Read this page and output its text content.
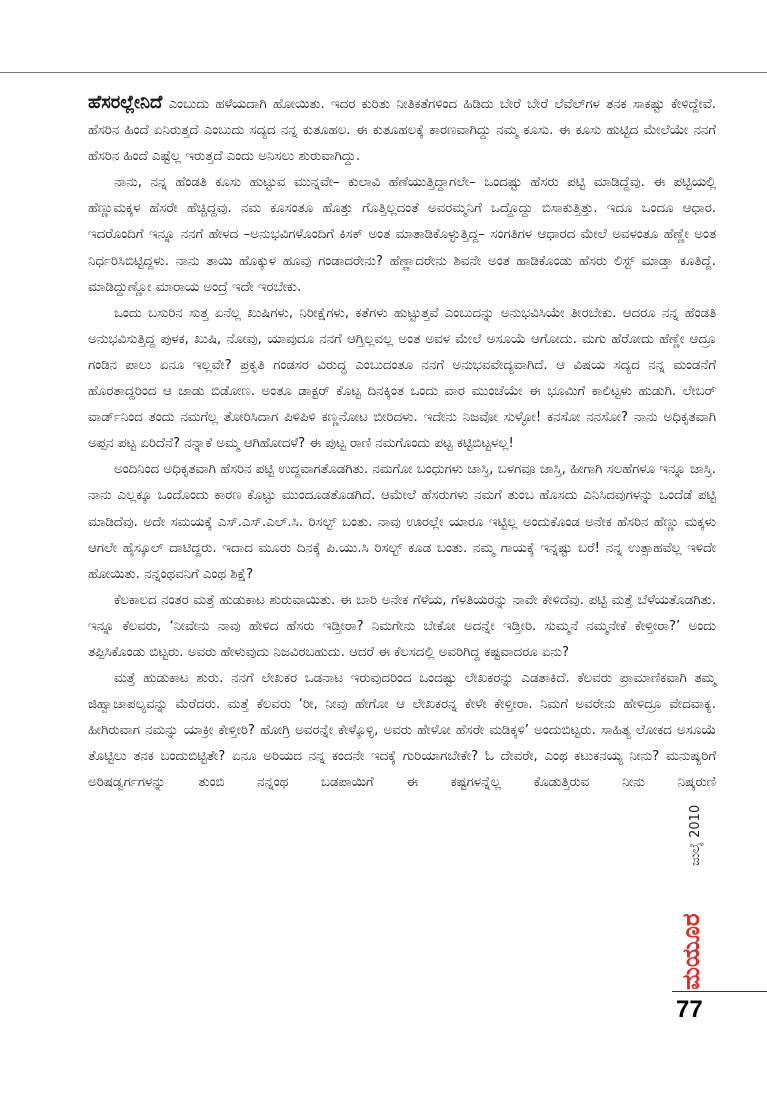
ಹೆಸರಲ್ಲೇನಿದೆ ಎಂಬುದು ಹಳೆಯದಾಗಿ ಹೋಯಿತು. ಇದರ ಕುರಿತು ನೀತಿಕತೆಗಳಿಂದ ಹಿಡಿದು ಬೇರೆ ಬೇರೆ ಲೆವೆಲ್‌ಗಳ ತನಕ ಸಾಕಷ್ಟು ಕೇಳಿದ್ದೇವೆ. ಹೆಸರಿನ ಹಿಂದೆ ಏನಿರುತ್ತದೆ ಎಂಬುದು ಸದ್ಯದ ನನ್ನ ಕುತೂಹಲ. ಈ ಕುತೂಹಲಕ್ಕೆ ಕಾರಣವಾಗಿದ್ದು ನಮ್ಮ ಕೂಸು. ಈ ಕೂಸು ಹುಟ್ಟಿದ ಮೇಲೆಯೇ ನನಗೆ ಹೆಸರಿನ ಹಿಂದೆ ಎಷ್ಟೆಲ್ಲ ಇರುತ್ತದೆ ಎಂದು ಅನಿಸಲು ಶುರುವಾಗಿದ್ದು.

ನಾನು, ನನ್ನ ಹೆಂಡತಿ ಕೂಸು ಹುಟ್ಟುವ ಮುನ್ನವೇ– ಕುಲಾವಿ ಹೆಣೆಯುತ್ತಿದ್ದಾಗಲೇ– ಒಂದಷ್ಟು ಹೆಸರು ಪಟ್ಟಿ ಮಾಡಿದ್ದೆವು. ಈ ಪಟ್ಟಿಯಲ್ಲಿ ಹೆಣ್ಣುಮಕ್ಕಳ ಹೆಸರೇ ಹೆಚ್ಚಿದ್ದವು. ನಮ ಕೂಸಂತೂ ಹೊತ್ತು ಗೊತ್ತಿಲ್ಲದಂತೆ ಅವರಮ್ಮನಿಗೆ ಒದ್ದೊದ್ದು ಬಿಸಾಕುತ್ತಿತ್ತು. ಇದೂ ಒಂದೂ ಆಧಾರ. ಇದರೊಂದಿಗೆ ಇನ್ನೂ ನನಗೆ ಹೇಳದ –ಅನುಭವಿಗಳೊಂದಿಗೆ ಕಿಸಕ್ ಅಂತ ಮಾತಾಡಿಕೊಳ್ಳುತ್ತಿದ್ದ– ಸಂಗತಿಗಳ ಆಧಾರದ ಮೇಲೆ ಅವಳಂತೂ ಹೆಣ್ಣೇ ಅಂತ ನಿರ್ಧರಿಸಿಬಿಟ್ಟಿದ್ದಳು. ನಾನು ತಾಯಿ ಹೊಕ್ಕುಳ ಹೂವು ಗಂಡಾದರೇನು? ಹೆಣ್ಣಾದರೇನು ಶಿವನೇ ಅಂತ ಹಾಡಿಕೊಂಡು ಹೆಸರು ಲಿಸ್ಟ್ ಮಾಡ್ತಾ ಕೂತಿದ್ದೆ. ಮಾಡಿದ್ದುಣ್ಣೋ ಮಾರಾಯ ಅಂದ್ರೆ ಇದೇ ಇರಬೇಕು.

ಒಂದು ಬಸುರಿನ ಸುತ್ತ ಏನೆಲ್ಲ ಖುಷಿಗಳು, ನಿರೀಕ್ಷೆಗಳು, ಕತೆಗಳು ಹುಟ್ಟುತ್ತವೆ ಎಂಬುದನ್ನು ಅನುಭವಿಸಿಯೇ ತೀರಬೇಕು. ಆದರೂ ನನ್ನ ಹೆಂಡತಿ ಅನುಭವಿಸುತ್ತಿದ್ದ ಪುಳಕ, ಖುಷಿ, ನೋವು, ಯಾವುದೂ ನನಗೆ ಆಗ್ತಿಲ್ಲವಲ್ಲ ಅಂತ ಅವಳ ಮೇಲೆ ಅಸೂಯೆ ಆಗೋದು. ಮಗು ಹೆರೋದು ಹೆಣ್ಣೇ ಆದ್ರೂ ಗಂಡಿನ ಪಾಲು ಏನೂ ಇಲ್ಲವೇ? ಪ್ರಕೃತಿ ಗಂಡಸರ ವಿರುದ್ಧ ಎಂಬುದಂತೂ ನನಗೆ ಅನುಭವವೇದ್ಯವಾಗಿದೆ. ಆ ವಿಷಯ ಸದ್ಯದ ನನ್ನ ಮಂಡನೆಗೆ ಹೊರತಾದ್ದರಿಂದ ಆ ಜಾಡು ಬಿಡೋಣ. ಅಂತೂ ಡಾಕ್ಟರ್ ಕೊಟ್ಟ ದಿನಕ್ಕಿಂತ ಒಂದು ವಾರ ಮುಂಚೆಯೇ ಈ ಭೂಮಿಗೆ ಕಾಲಿಟ್ಟಳು ಹುಡುಗಿ. ಲೇಬರ್ ವಾರ್ಡ್‌ನಿಂದ ತಂದು ನಮಗೆಲ್ಲ ತೋರಿಸಿದಾಗ ಪಿಳಿಪಿಳಿ ಕಣ್ಣನೋಟ ಬೀರಿದಳು. ಇದೇನು ನಿಜವೋ ಸುಳ್ಳೋ! ಕನಸೋ ನನಸೋ? ನಾನು ಅಧಿಕೃತವಾಗಿ ಅಪ್ಪನ ಪಟ್ಟ ಏರಿದೆನೆ? ನನ್ನಾಕೆ ಅಮ್ಮ ಆಗಿಹೋದಳೆ? ಈ ಪುಟ್ಟ ರಾಣಿ ನಮಗೊಂದು ಪಟ್ಟ ಕಟ್ಟಿಬಿಟ್ಟಳಲ್ಲ!

ಅಂದಿನಿಂದ ಅಧಿಕೃತವಾಗಿ ಹೆಸರಿನ ಪಟ್ಟಿ ಉದ್ದವಾಗತೊಡಗಿತು. ನಮಗೋ ಬಂಧುಗಳು ಜಾಸ್ತಿ, ಬಳಗವೂ ಜಾಸ್ತಿ, ಹೀಗಾಗಿ ಸಲಹೆಗಳೂ ಇನ್ನೂ ಜಾಸ್ತಿ. ನಾನು ಎಲ್ಲಕ್ಕೂ ಒಂದೊಂದು ಕಾರಣ ಕೊಟ್ಟು ಮುಂದೂಡತೊಡಗಿದೆ. ಆಮೇಲೆ ಹೆಸರುಗಳು ನಮಗೆ ತುಂಬ ಹೊಸದು ಎನಿಸಿದವುಗಳನ್ನು ಒಂದೆಡೆ ಪಟ್ಟಿ ಮಾಡಿದೆವು. ಅದೇ ಸಮಯಕ್ಕೆ ಎಸ್.ಎಸ್.ಎಲ್.ಸಿ. ರಿಸಲ್ಟ್ ಬಂತು. ನಾವು ಊರಲ್ಲೇ ಯಾರೂ ಇಟ್ಟಿಲ್ಲ ಅಂದುಕೊಂಡ ಅನೇಕ ಹೆಸರಿನ ಹೆಣ್ಣು ಮಕ್ಕಳು ಆಗಲೇ ಹೈಸ್ಕೂಲ್ ದಾಟಿದ್ದರು. ಇದಾದ ಮೂರು ದಿನಕ್ಕೆ ಪಿ.ಯು.ಸಿ ರಿಸಲ್ಟ್ ಕೂಡ ಬಂತು. ನಮ್ಮ ಗಾಯಕ್ಕೆ ಇನ್ನಷ್ಟು ಬರೆ! ನನ್ನ ಉತ್ಸಾಹವೆಲ್ಲ ಇಳಿದೇ ಹೋಯಿತು. ನನ್ನಂಥವನಿಗೆ ಎಂಥ ಶಿಕ್ಷೆ?

ಕೆಲಕಾಲದ ನಂತರ ಮತ್ತೆ ಹುಡುಕಾಟ ಶುರುವಾಯಿತು. ಈ ಬಾರಿ ಅನೇಕ ಗೆಳೆಯ, ಗೆಳತಿಯರನ್ನು ನಾವೇ ಕೇಳಿದೆವು. ಪಟ್ಟಿ ಮತ್ತೆ ಬೆಳೆಯತೊಡಗಿತು. ಇನ್ನೂ ಕೆಲವರು, ‘ನೀವೇನು ನಾವು ಹೇಳಿದ ಹೆಸರು ಇಡ್ತೀರಾ? ನಿಮಗೇನು ಬೇಕೋ ಅದನ್ನೇ ಇಡ್ತೀರಿ. ಸುಮ್ಮನೆ ನಮ್ಮನೇಕೆ ಕೇಳ್ತೀರಾ?’ ಅಂದು ತಪ್ಪಿಸಿಕೊಂಡು ಬಿಟ್ಟರು. ಅವರು ಹೇಳುವುದು ನಿಜವಿರಬಹುದು. ಆದರೆ ಈ ಕೆಲಸದಲ್ಲಿ ಅವರಿಗಿದ್ದ ಕಷ್ಟವಾದರೂ ಏನು?

ಮತ್ತೆ ಹುಡುಕಾಟ ಶುರು. ನನಗೆ ಲೇಖಕರ ಒಡನಾಟ ಇರುವುದರಿಂದ ಒಂದಷ್ಟು ಲೇಖಕರನ್ನು ಎಡತಾಕಿದೆ. ಕೆಲವರು ಪ್ರಾಮಾಣಿಕವಾಗಿ ತಮ್ಮ ಜಿಹ್ವಾಚಾಪಲ್ಯವನ್ನು ಮೆರೆದರು. ಮತ್ತೆ ಕೆಲವರು ‘ರೀ, ನೀವು ಹೇಗೋ ಆ ಲೇಖಕರನ್ನ ಕೇಳೇ ಕೇಳ್ತೀರಾ. ನಿಮಗೆ ಅವರೇನು ಹೇಳಿದ್ರೂ ವೇದವಾಕ್ಯ. ಹೀಗಿರುವಾಗ ನಮನ್ನು ಯಾಕ್ರೀ ಕೇಳ್ತೀರಿ? ಹೋಗ್ರಿ ಅವರನ್ನೇ ಕೇಳ್ಕೊಳ್ಳಿ, ಅವರು ಹೇಳೋ ಹೆಸರೇ ಮಡಿಕ್ಕಳಿ’ ಅಂದುಬಿಟ್ಟರು. ಸಾಹಿತ್ಯ ಲೋಕದ ಅಸೂಯೆ ತೊಟ್ಟಿಲು ತನಕ ಬಂದುಬಿಟ್ಟಿತೇ? ಏನೂ ಅರಿಯದ ನನ್ನ ಕಂದನೇ ಇದಕ್ಕೆ ಗುರಿಯಾಗಬೇಕೇ? ಓ ದೇವರೇ, ಎಂಥ ಕಟುಕನಯ್ಯ ನೀನು? ಮನುಷ್ಯರಿಗೆ ಅರಿಷಡ್ವರ್ಗಗಳನ್ನು ತುಂಬಿ ನನ್ನಂಥ ಬಡಪಾಯಿಗೆ ಈ ಕಷ್ಟಗಳನ್ನೆಲ್ಲ ಕೊಡುತ್ತಿರುವ ನೀನು ನಿಷ್ಕರುಣಿ

ಜುಲೈ 2010
ಮಯೂರ
77
